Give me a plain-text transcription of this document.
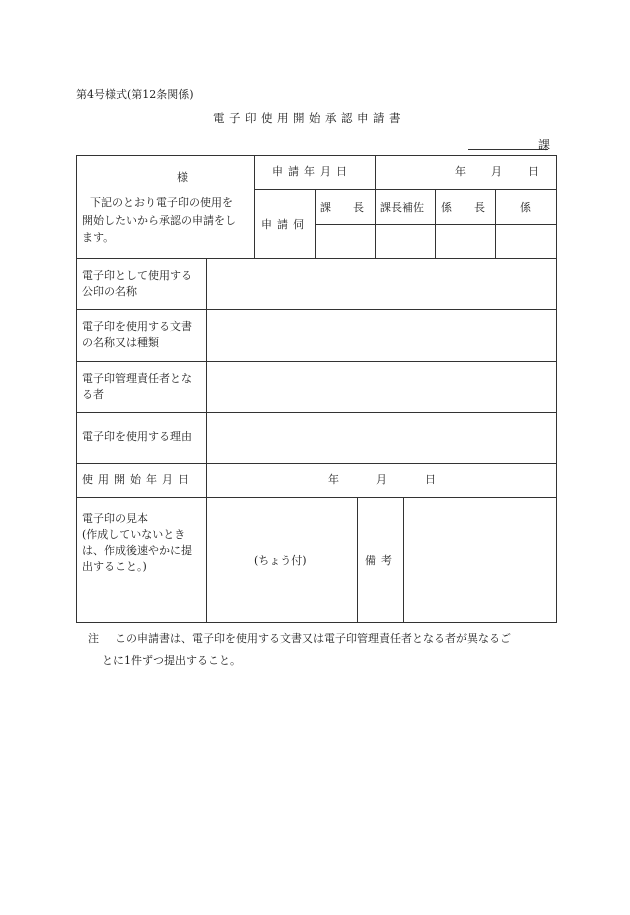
第4号様式(第12条関係)
電子印使用開始承認申請書
課
様
下記のとおり電子印の使用を
開始したいから承認の申請をし
ます。
申請年月日	年 月 日
申請伺
課　　長 課長補佐 係　　長	係
電子印として使用する
公印の名称
電子印を使用する文書
の名称又は種類
電子印管理責任者とな
る者
電子印を使用する理由
使用開始年月日	年	月	日
電子印の見本
(作成していないとき
は、作成後速やかに提
出すること。)	(ちょう付)	備考
注 この申請書は、電子印を使用する文書又は電子印管理責任者となる者が異なるご
とに1件ずつ提出すること。
